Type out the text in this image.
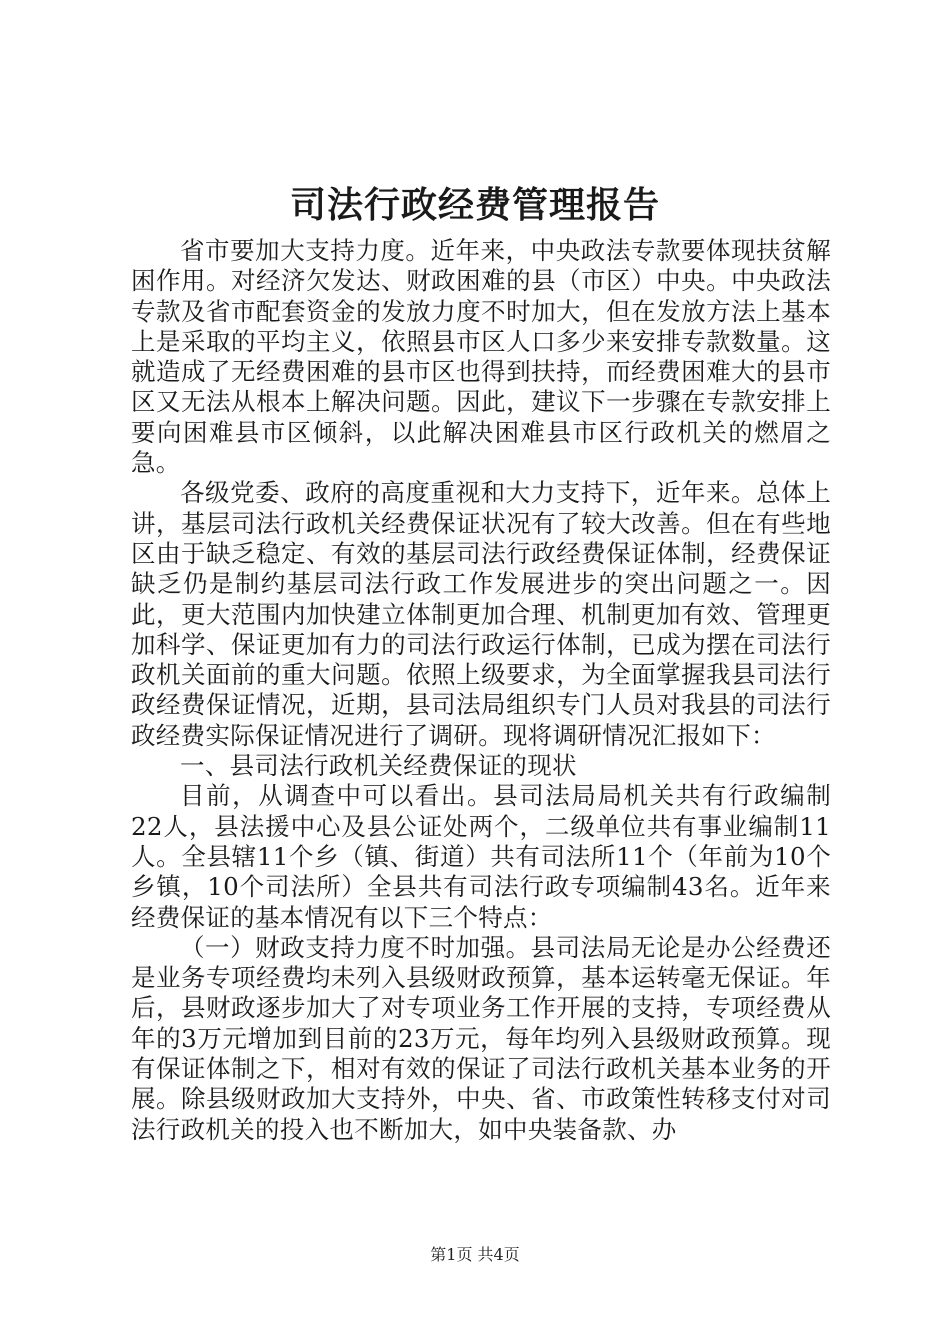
司法行政经费管理报告

省市要加大支持力度。近年来，中央政法专款要体现扶贫解困作用。对经济欠发达、财政困难的县（市区）中央。中央政法专款及省市配套资金的发放力度不时加大，但在发放方法上基本上是采取的平均主义，依照县市区人口多少来安排专款数量。这就造成了无经费困难的县市区也得到扶持，而经费困难大的县市区又无法从根本上解决问题。因此，建议下一步骤在专款安排上要向困难县市区倾斜，以此解决困难县市区行政机关的燃眉之急。

各级党委、政府的高度重视和大力支持下，近年来。总体上讲，基层司法行政机关经费保证状况有了较大改善。但在有些地区由于缺乏稳定、有效的基层司法行政经费保证体制，经费保证缺乏仍是制约基层司法行政工作发展进步的突出问题之一。因此，更大范围内加快建立体制更加合理、机制更加有效、管理更加科学、保证更加有力的司法行政运行体制，已成为摆在司法行政机关面前的重大问题。依照上级要求，为全面掌握我县司法行政经费保证情况，近期，县司法局组织专门人员对我县的司法行政经费实际保证情况进行了调研。现将调研情况汇报如下：

一、县司法行政机关经费保证的现状

目前，从调查中可以看出。县司法局局机关共有行政编制22人，县法援中心及县公证处两个，二级单位共有事业编制11人。全县辖11个乡（镇、街道）共有司法所11个（年前为10个乡镇，10个司法所）全县共有司法行政专项编制43名。近年来经费保证的基本情况有以下三个特点：

（一）财政支持力度不时加强。县司法局无论是办公经费还是业务专项经费均未列入县级财政预算，基本运转毫无保证。年后，县财政逐步加大了对专项业务工作开展的支持，专项经费从年的3万元增加到目前的23万元，每年均列入县级财政预算。现有保证体制之下，相对有效的保证了司法行政机关基本业务的开展。除县级财政加大支持外，中央、省、市政策性转移支付对司法行政机关的投入也不断加大，如中央装备款、办

第1页 共4页
